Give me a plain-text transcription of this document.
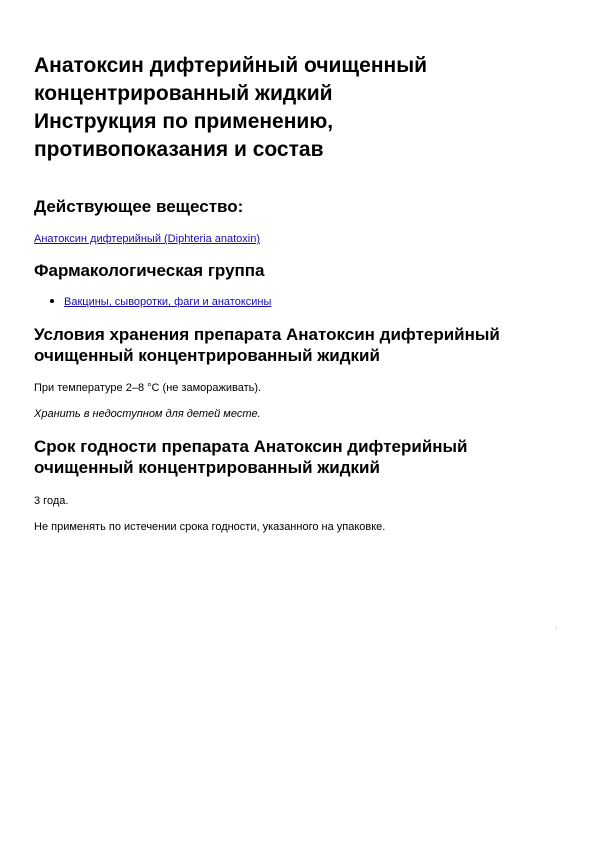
Анатоксин дифтерийный очищенный
концентрированный жидкий
Инструкция по применению,
противопоказания и состав
Действующее вещество:

Анатоксин дифтерийный (Diphteria anatoxin)

Фармакологическая группа

Вакцины, сыворотки, фаги и анатоксины

Условия хранения препарата Анатоксин дифтерийный
очищенный концентрированный жидкий

При температуре 2–8 °С (не замораживать).

Хранить в недоступном для детей месте.

Срок годности препарата Анатоксин дифтерийный
очищенный концентрированный жидкий

3 года.

Не применять по истечении срока годности, указанного на упаковке.
